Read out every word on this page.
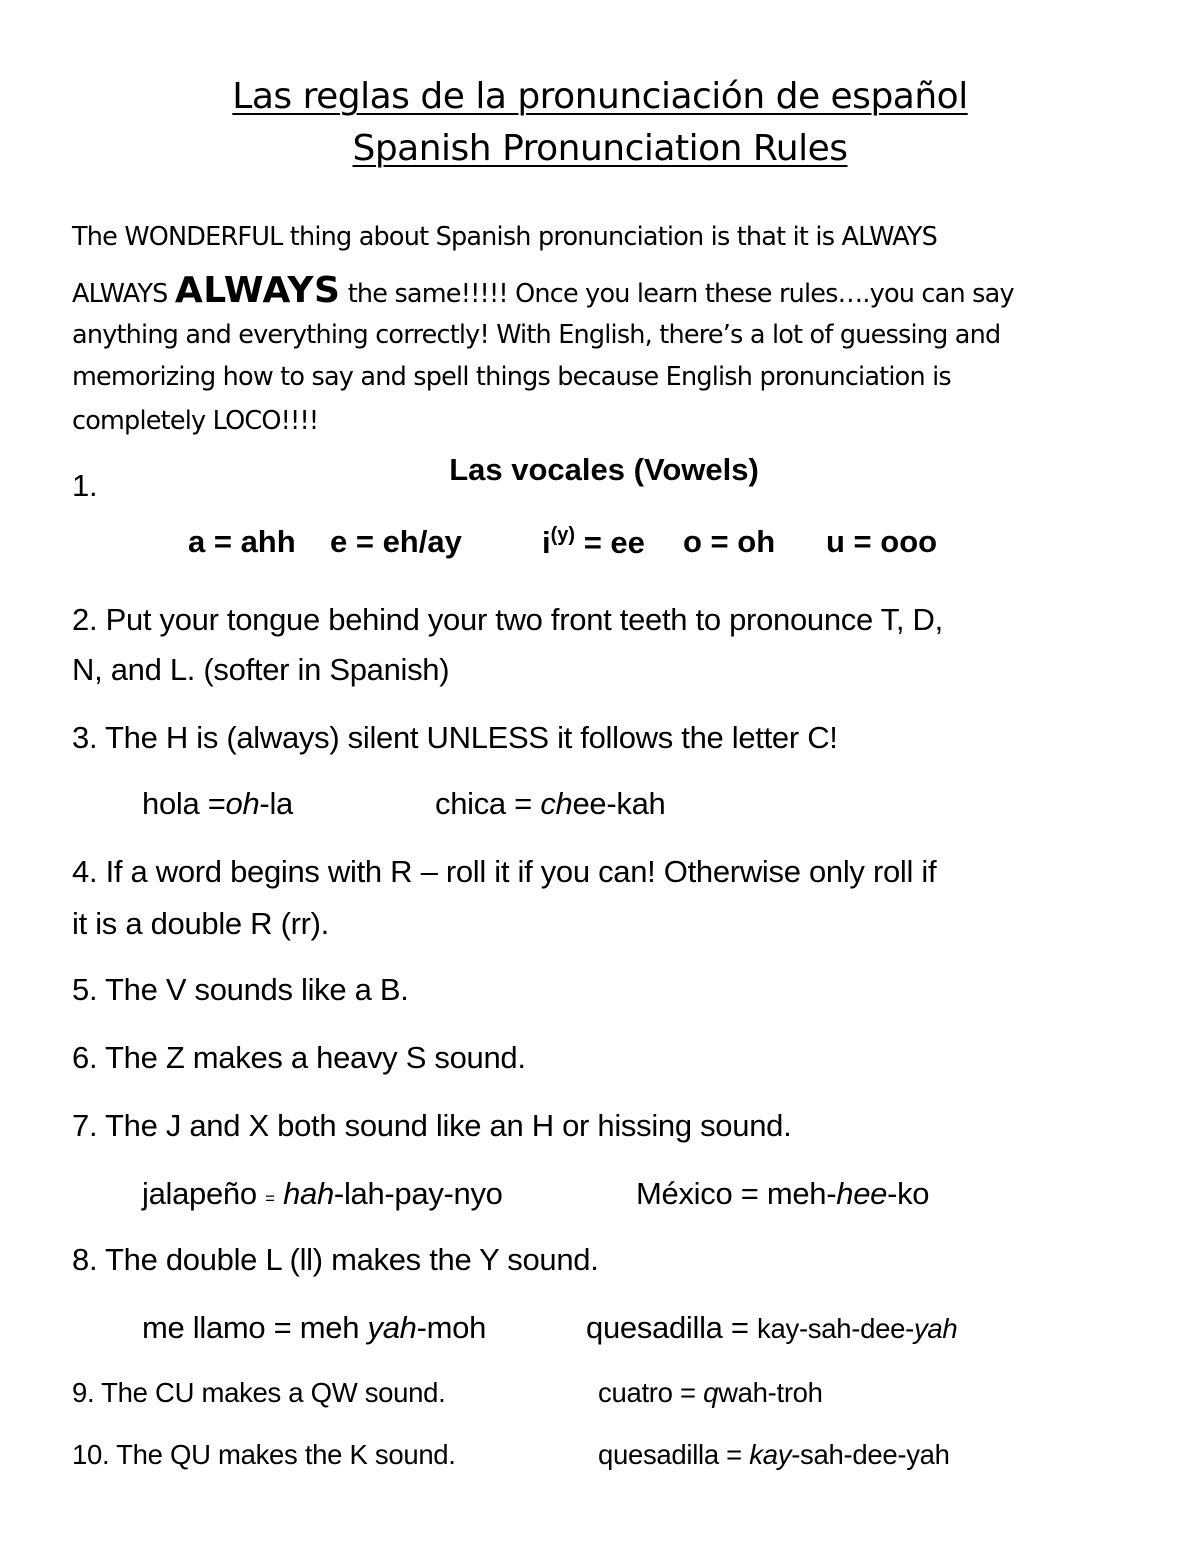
Las reglas de la pronunciación de español
Spanish Pronunciation Rules
The WONDERFUL thing about Spanish pronunciation is that it is ALWAYS
ALWAYS ALWAYS the same!!!!! Once you learn these rules….you can say
anything and everything correctly! With English, there’s a lot of guessing and
memorizing how to say and spell things because English pronunciation is
completely LOCO!!!!
1.	Las vocales (Vowels)
a = ahh e = eh/ay	$i^{(y)}$ = ee o = oh u = ooo
2. Put your tongue behind your two front teeth to pronounce T, D,
N, and L. (softer in Spanish)
3. The H is (always) silent UNLESS it follows the letter C!
hola =oh-la	chica = chee-kah
4. If a word begins with R – roll it if you can! Otherwise only roll if
it is a double R (rr).
5. The V sounds like a B.
6. The Z makes a heavy S sound.
7. The J and X both sound like an H or hissing sound.
jalapeño = hah-lah-pay-nyo	México = meh-hee-ko
8. The double L (ll) makes the Y sound.
me llamo = meh yah-moh	quesadilla = kay-sah-dee-yah
9. The CU makes a QW sound.	cuatro = qwah-troh
10. The QU makes the K sound.	quesadilla = kay-sah-dee-yah
